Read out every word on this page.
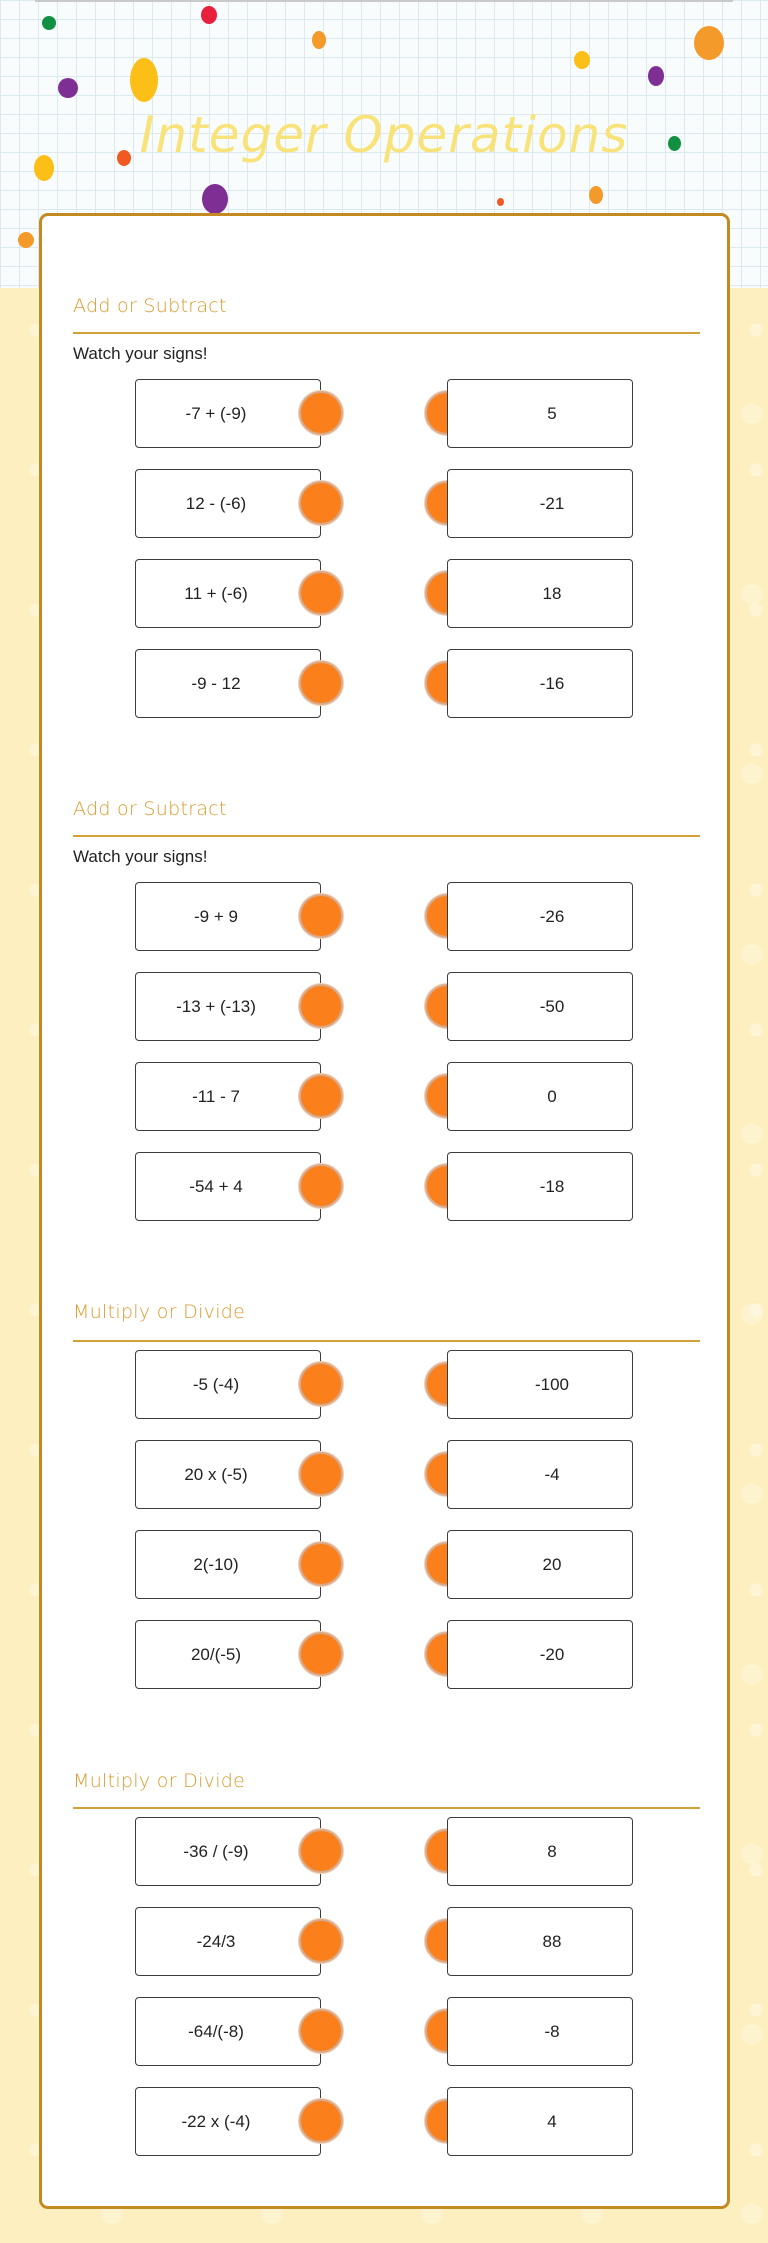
Integer Operations
Add or Subtract
Watch your signs!
-7 + (-9)	5
12 - (-6)	-21
11 + (-6)	18
-9 - 12	-16
Add or Subtract
Watch your signs!
-9 + 9	-26
-13 + (-13)	-50
-11 - 7	0
-54 + 4	-18
Multiply or Divide
-5 (-4)	-100
20 x (-5)	-4
2(-10)	20
20/(-5)	-20
Multiply or Divide
-36 / (-9)	8
-24/3	88
-64/(-8)	-8
-22 x (-4)	4
